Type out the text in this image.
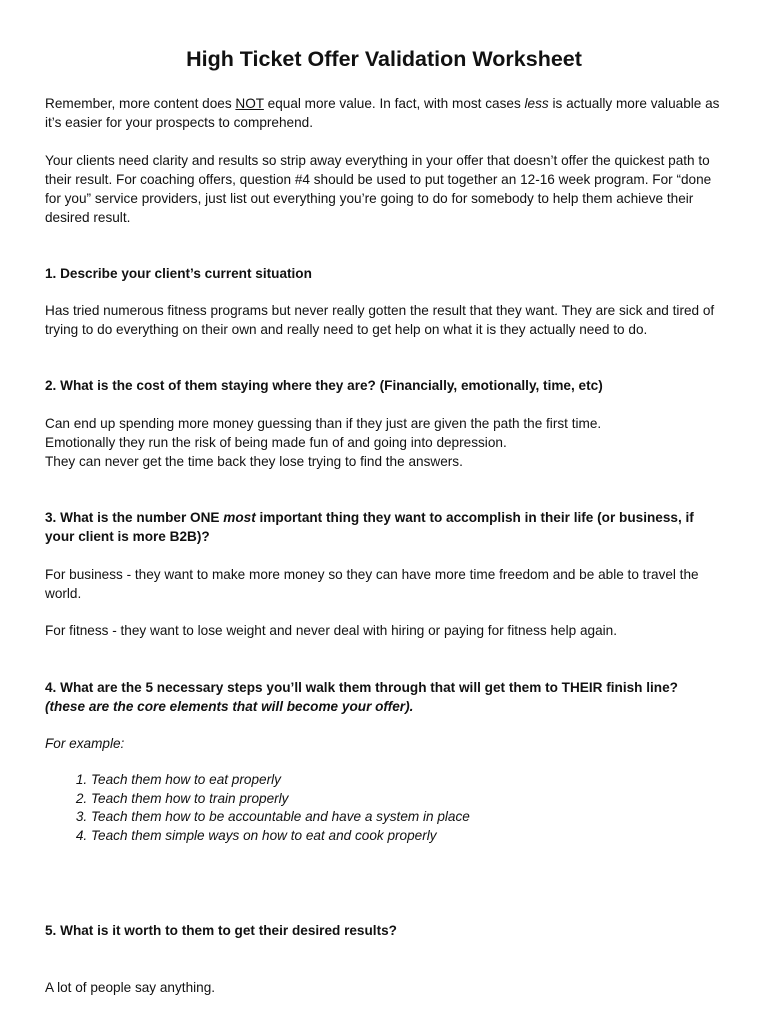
High Ticket Offer Validation Worksheet

Remember, more content does NOT equal more value. In fact, with most cases less is actually more valuable as it’s easier for your prospects to comprehend.

Your clients need clarity and results so strip away everything in your offer that doesn’t offer the quickest path to their result. For coaching offers, question #4 should be used to put together an 12-16 week program. For “done for you” service providers, just list out everything you’re going to do for somebody to help them achieve their desired result.

1. Describe your client’s current situation

Has tried numerous fitness programs but never really gotten the result that they want. They are sick and tired of trying to do everything on their own and really need to get help on what it is they actually need to do.

2. What is the cost of them staying where they are? (Financially, emotionally, time, etc)

Can end up spending more money guessing than if they just are given the path the first time.

Emotionally they run the risk of being made fun of and going into depression.

They can never get the time back they lose trying to find the answers.

3. What is the number ONE most important thing they want to accomplish in their life (or business, if your client is more B2B)?

For business - they want to make more money so they can have more time freedom and be able to travel the world.

For fitness - they want to lose weight and never deal with hiring or paying for fitness help again.

4. What are the 5 necessary steps you’ll walk them through that will get them to THEIR finish line?

(these are the core elements that will become your offer).

For example:

1. Teach them how to eat properly
2. Teach them how to train properly
3. Teach them how to be accountable and have a system in place
4. Teach them simple ways on how to eat and cook properly

5. What is it worth to them to get their desired results?

A lot of people say anything.
